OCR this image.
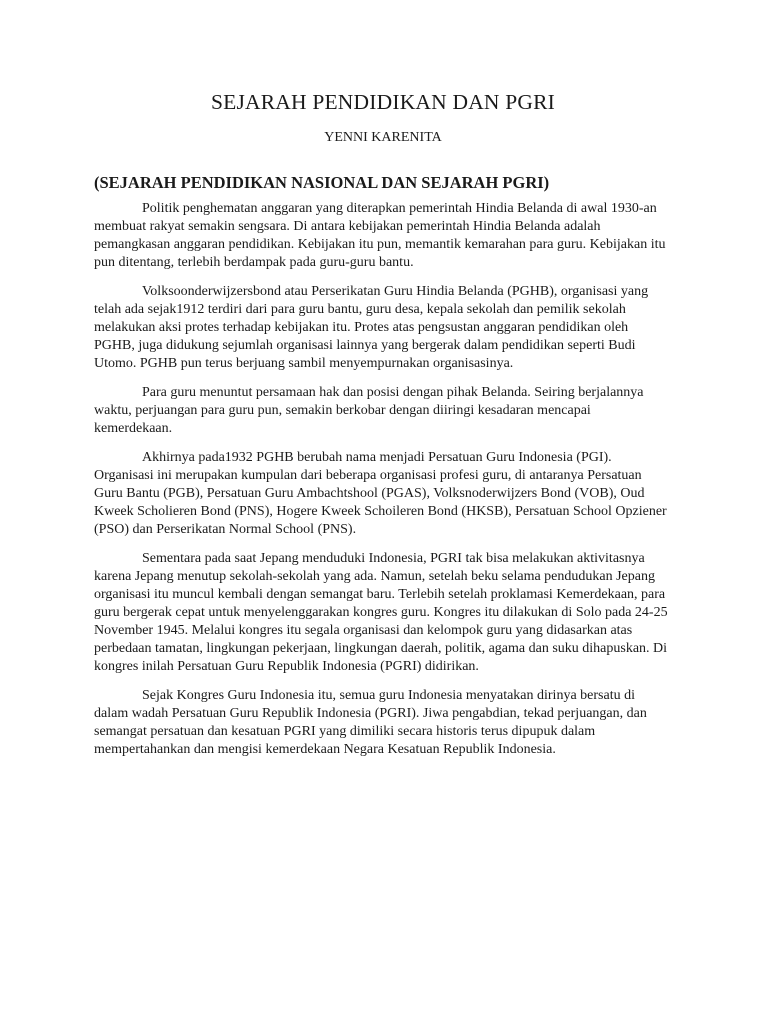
SEJARAH PENDIDIKAN DAN PGRI

YENNI KARENITA

(SEJARAH PENDIDIKAN NASIONAL DAN SEJARAH PGRI)

Politik penghematan anggaran yang diterapkan pemerintah Hindia Belanda di awal 1930-an membuat rakyat semakin sengsara. Di antara kebijakan pemerintah Hindia Belanda adalah pemangkasan anggaran pendidikan. Kebijakan itu pun, memantik kemarahan para guru. Kebijakan itu pun ditentang, terlebih berdampak pada guru-guru bantu.

Volksoonderwijzersbond atau Perserikatan Guru Hindia Belanda (PGHB), organisasi yang telah ada sejak1912 terdiri dari para guru bantu, guru desa, kepala sekolah dan pemilik sekolah melakukan aksi protes terhadap kebijakan itu. Protes atas pengsustan anggaran pendidikan oleh PGHB, juga didukung sejumlah organisasi lainnya yang bergerak dalam pendidikan seperti Budi Utomo. PGHB pun terus berjuang sambil menyempurnakan organisasinya.

Para guru menuntut persamaan hak dan posisi dengan pihak Belanda. Seiring berjalannya waktu, perjuangan para guru pun, semakin berkobar dengan diiringi kesadaran mencapai kemerdekaan.

Akhirnya pada1932 PGHB berubah nama menjadi Persatuan Guru Indonesia (PGI). Organisasi ini merupakan kumpulan dari beberapa organisasi profesi guru, di antaranya Persatuan Guru Bantu (PGB), Persatuan Guru Ambachtshool (PGAS), Volksnoderwijzers Bond (VOB), Oud Kweek Scholieren Bond (PNS), Hogere Kweek Schoileren Bond (HKSB), Persatuan School Opziener (PSO) dan Perserikatan Normal School (PNS).

Sementara pada saat Jepang menduduki Indonesia, PGRI tak bisa melakukan aktivitasnya karena Jepang menutup sekolah-sekolah yang ada. Namun, setelah beku selama pendudukan Jepang organisasi itu muncul kembali dengan semangat baru. Terlebih setelah proklamasi Kemerdekaan, para guru bergerak cepat untuk menyelenggarakan kongres guru. Kongres itu dilakukan di Solo pada 24-25 November 1945. Melalui kongres itu segala organisasi dan kelompok guru yang didasarkan atas perbedaan tamatan, lingkungan pekerjaan, lingkungan daerah, politik, agama dan suku dihapuskan. Di kongres inilah Persatuan Guru Republik Indonesia (PGRI) didirikan.

Sejak Kongres Guru Indonesia itu, semua guru Indonesia menyatakan dirinya bersatu di dalam wadah Persatuan Guru Republik Indonesia (PGRI). Jiwa pengabdian, tekad perjuangan, dan semangat persatuan dan kesatuan PGRI yang dimiliki secara historis terus dipupuk dalam mempertahankan dan mengisi kemerdekaan Negara Kesatuan Republik Indonesia.
